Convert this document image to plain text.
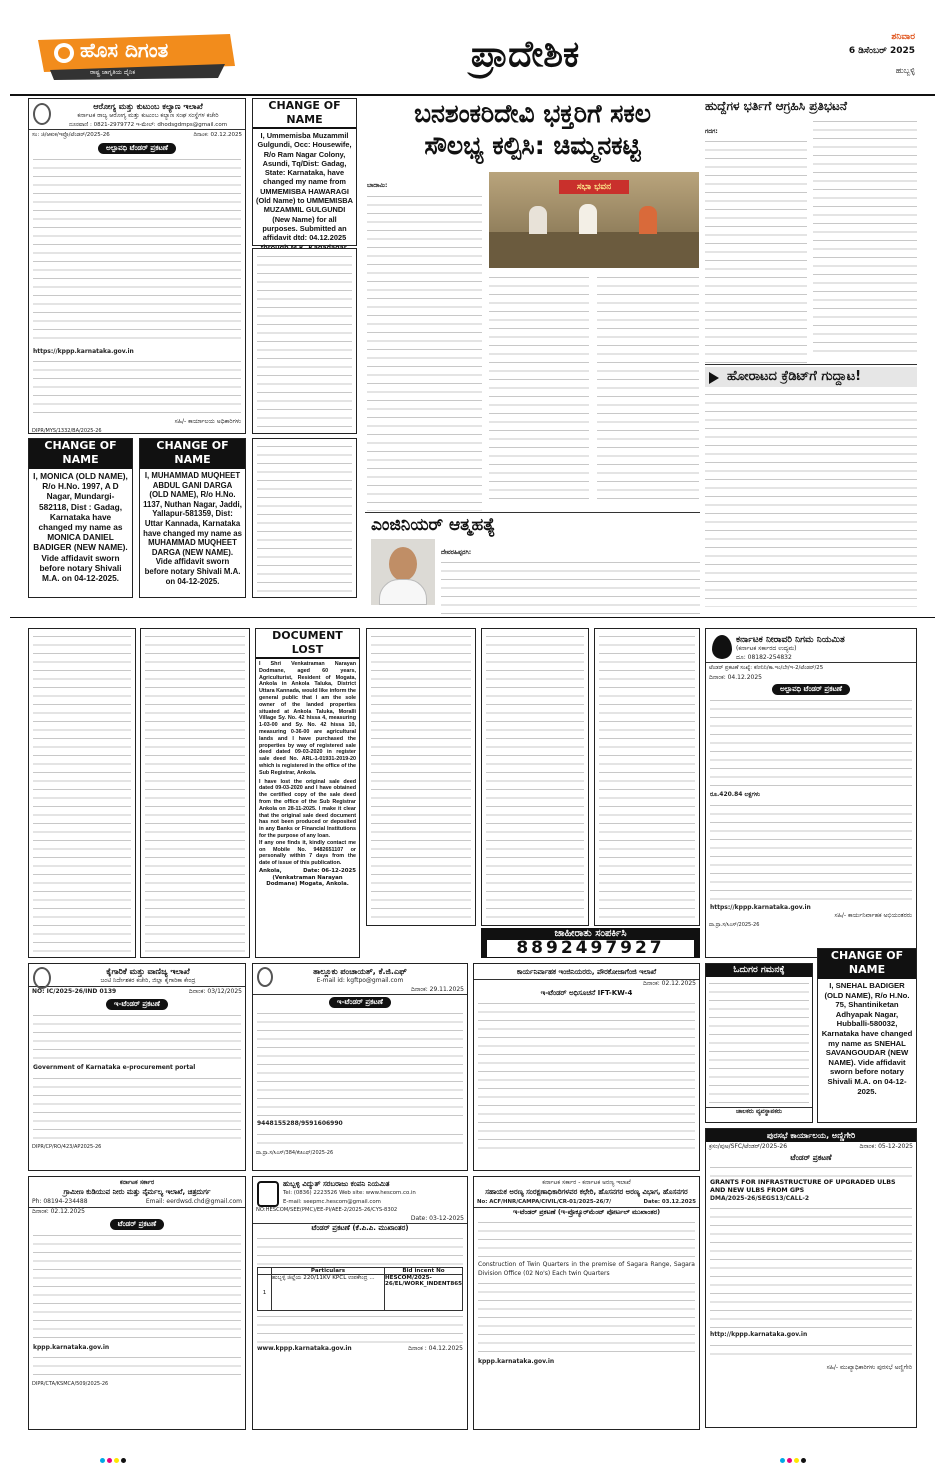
ಹೊಸ ದಿಗಂತ
ರಾಷ್ಟ್ರ ಜಾಗೃತಿಯ ದೈನಿಕ	ಪ್ರಾದೇಶಿಕ	ಶನಿವಾರ
6 ಡಿಸೆಂಬರ್ 2025
ಹುಬ್ಬಳ್ಳಿ
ಆರೋಗ್ಯ ಮತ್ತು ಕುಟುಂಬ ಕಲ್ಯಾಣ ಇಲಾಖೆ
ಕರ್ನಾಟಕ ರಾಜ್ಯ ಆರೋಗ್ಯ ಮತ್ತು ಕುಟುಂಬ ಕಲ್ಯಾಣ ಸಂಘ ಸಂಸ್ಥೆಗಳ ಕಚೇರಿ
ದೂರವಾಣಿ : 0821-2979772 ಇ-ಮೇಲ್: dhodsgdmps@gmail.com
ಸಂ: ಜಿ/ಆಕುಕ/ಇಪ್ರೊ/ಟೆಂಡರ್/2025-26	ದಿನಾಂಕ: 02.12.2025
ಅಲ್ಪಾವಧಿ ಟೆಂಡರ್ ಪ್ರಕಟಣೆ
https://kppp.karnataka.gov.in
ಸಹಿ/- ಕಾರ್ಯಾಲಯ ಅಧಿಕಾರಿಗಳು
DIPR/MYS/1332/BA/2025-26
CHANGE OF NAME
I, Ummemisba Muzammil Gulgundi, Occ: Housewife, R/o Ram Nagar Colony, Asundi, Tq/Dist: Gadag, State: Karnataka, have changed my name from UMMEMISBA HAWARAGI (Old Name) to UMMEMISBA MUZAMMIL GULGUNDI (New Name) for all purposes. Submitted an affidavit dtd: 04.12.2025
CHANGE OF NAME
I, MONICA (OLD NAME), R/o H.No. 1997, A D Nagar, Mundargi-582118, Dist : Gadag, Karnataka have changed my name as MONICA DANIEL BADIGER (NEW NAME). Vide affidavit sworn before notary Shivali M.A. on 04-12-2025.
CHANGE OF NAME
I, MUHAMMAD MUQHEET ABDUL GANI DARGA (OLD NAME), R/o H.No. 1137, Nuthan Nagar, Jaddi, Yallapur-581359, Dist: Uttar Kannada, Karnataka have changed my name as MUHAMMAD MUQHEET DARGA (NEW NAME). Vide affidavit sworn before notary Shivali M.A. on 04-12-2025.
ಬನಶಂಕರಿದೇವಿ ಭಕ್ತರಿಗೆ ಸಕಲ
ಸೌಲಭ್ಯ ಕಲ್ಪಿಸಿ: ಚಿಮ್ಮನಕಟ್ಟಿ
ಬಾದಾಮಿ:	ಸಭಾ ಭವನ
ಎಂಜಿನಿಯರ್ ಆತ್ಮಹತ್ಯೆ
ದೇವರಹಿಪ್ಪರಗಿ:
ಹುದ್ದೆಗಳ ಭರ್ತಿಗೆ ಆಗ್ರಹಿಸಿ ಪ್ರತಿಭಟನೆ
ಗದಗ:
ಹೋರಾಟದ ಕ್ರೆಡಿಟ್‌ಗೆ ಗುದ್ದಾಟ!
DOCUMENT LOST
I Shri Venkatraman Narayan Dodmane, aged 60 years, Agriculturist, Resident of Mogata, Ankola in Ankola Taluka, District Uttara Kannada, would like inform the general public that I am the sole owner of the landed properties situated at Ankola Taluka, Moralli Village Sy. No. 42 hissa 4, measuring 1-03-00 and Sy. No. 42 hissa 10, measuring 0-36-00 are agricultural lands and I have purchased the properties by way of registered sale deed dated 09-03-2020 in register sale deed No. ARL-1-01931-2019-20 which is registered in the office of the Sub Registrar, Ankola.
I have lost the original sale deed dated 09-03-2020 and I have obtained the certified copy of the sale deed from the office of the Sub Registrar Ankola on 28-11-2025. I make it clear that the original sale deed document has not been produced or deposited in any Banks or Financial Institutions for the purpose of any loan.
If any one finds it, kindly contact me on Mobile No. 9482651107 or personally within 7 days from the date of issue of this publication.
Ankola,	Date: 06-12-2025
(Venkatraman Narayan Dodmane) Mogata, Ankola.
ಜಾಹೀರಾತು ಸಂಪರ್ಕಿಸಿ
8892497927
ಕರ್ನಾಟಕ ನೀರಾವರಿ ನಿಗಮ ನಿಯಮಿತ
(ಕರ್ನಾಟಕ ಸರ್ಕಾರದ ಉದ್ಯಮ)
ದೂ: 08182-254832
ಟೆಂಡರ್ ಪ್ರಕಟಣೆ ಸಂಖ್ಯೆ: ಕನೀನಿನಿ/ಕಾ.ಇಂ/ಬೇ/ಇ-2/ಟೆಂಡರ್/25
ದಿನಾಂಕ: 04.12.2025
ಅಲ್ಪಾವಧಿ ಟೆಂಡರ್ ಪ್ರಕಟಣೆ
ರೂ.420.84 ಲಕ್ಷಗಳು
https://kppp.karnataka.gov.in
ಸಹಿ/- ಕಾರ್ಯನಿರ್ವಾಹಕ ಅಭಿಯಂತರರು
ವಾ.ಪ್ರಾ.ಸ/ಸಿಎಸ್/2025-26
ಕೈಗಾರಿಕೆ ಮತ್ತು ವಾಣಿಜ್ಯ ಇಲಾಖೆ
ಜಂಟಿ ನಿರ್ದೇಶಕರ ಕಚೇರಿ, ಜಿಲ್ಲಾ ಕೈಗಾರಿಕಾ ಕೇಂದ್ರ
NO: IC/2025-26/IND 0139	ದಿನಾಂಕ: 03/12/2025
ಇ-ಟೆಂಡರ್ ಪ್ರಕಟಣೆ
Government of Karnataka e-procurement portal
DIPR/CP/RO/423/AP2025-26
ತಾಲ್ಲೂಕು ಪಂಚಾಯತ್, ಕೆ.ಜಿ.ಎಫ್
E-mail id: kgftpo@gmail.com
ದಿನಾಂಕ: 29.11.2025
ಇ-ಟೆಂಡರ್ ಪ್ರಕಟಣೆ
9448155288/9591606990
ವಾ.ಪ್ರಾ.ಸ/ಸಿಎಸ್/384/ಕೆಜಿಎಫ್/2025-26
ಕಾರ್ಯನಿರ್ವಾಹಕ ಇಂಜಿನಿಯರರು, ಪೌರಕೋಜಾಗೆಂಜಿ ಇಲಾಖೆ
ದಿನಾಂಕ: 02.12.2025
ಇ-ಟೆಂಡರ್ ಅಧಿಸೂಚನೆ IFT-KW-4
ಓದುಗರ ಗಮನಕ್ಕೆ
ಚಾಲಕರು ವ್ಯವಸ್ಥಾಪಕರು
CHANGE OF NAME
I, SNEHAL BADIGER (OLD NAME), R/o H.No. 75, Shantiniketan Adhyapak Nagar, Hubballi-580032, Karnataka have changed my name as SNEHAL SAVANGOUDAR (NEW NAME). Vide affidavit sworn before notary Shivali M.A. on 04-12-2025.
ಪುರಸಭೆ ಕಾರ್ಯಾಲಯ, ಅಣ್ಣಿಗೇರಿ
ಕ್ರಸಂ/ಪುಅ/SFC/ಟೆಂಡರ್/2025-26	ದಿನಾಂಕ: 05-12-2025
ಟೆಂಡರ್ ಪ್ರಕಟಣೆ
GRANTS FOR INFRASTRUCTURE OF UPGRADED ULBS AND NEW ULBS FROM GPS
DMA/2025-26/SEGS13/CALL-2
http://kppp.karnataka.gov.in
ಸಹಿ/- ಮುಖ್ಯಾಧಿಕಾರಿಗಳು ಪುರಸಭೆ ಅಣ್ಣಿಗೇರಿ
ಕರ್ನಾಟಕ ಸರ್ಕಾರ
ಗ್ರಾಮೀಣ ಕುಡಿಯುವ ನೀರು ಮತ್ತು ನೈರ್ಮಲ್ಯ ಇಲಾಖೆ, ಚಿತ್ರದುರ್ಗ
Ph: 08194-234488	Email: eerdwsd.chd@gmail.com
ದಿನಾಂಕ: 02.12.2025
ಟೆಂಡರ್ ಪ್ರಕಟಣೆ
kppp.karnataka.gov.in
DIPR/CTA/KSMCA/509/2025-26
ಹುಬ್ಬಳ್ಳಿ ವಿದ್ಯುತ್ ಸರಬರಾಜು ಕಂಪನಿ ನಿಯಮಿತ
Tel: (0836) 2223526 Web site: www.hescom.co.in
E-mail: seepmc.hescom@gmail.com
NO:HESCOM/SEE(PMC)/EE-PI/AEE-2/2025-26/CYS-8302
Date: 03-12-2025
ಟೆಂಡರ್ ಪ್ರಕಟಣೆ (ಕೆ.ಪಿ.ಪಿ. ಮುಖಾಂತರ)
	Particulars	Bid incent No
1	ಹುಬ್ಬಳ್ಳಿ ಜಿಲ್ಲೆಯ 220/11KV KPCL ಉಪಕೇಂದ್ರ ...	HESCOM/2025-26/EL/WORK_INDENT865
www.kppp.karnataka.gov.in	ದಿನಾಂಕ : 04.12.2025
ಕರ್ನಾಟಕ ಸರ್ಕಾರ - ಕರ್ನಾಟಕ ಅರಣ್ಯ ಇಲಾಖೆ
ಸಹಾಯಕ ಅರಣ್ಯ ಸಂರಕ್ಷಣಾಧಿಕಾರಿಗಳವರ ಕಛೇರಿ, ಹೊಸನಗರ ಅರಣ್ಯ ವಿಭಾಗ, ಹೊಸನಗರ
No: ACF/HNR/CAMPA/CIVIL/CR-01/2025-26/7/	Date: 03.12.2025
ಇ-ಟೆಂಡರ್ ಪ್ರಕಟಣೆ (ಇ-ಪ್ರೊಕ್ಯೂರ್‌ಮೆಂಟ್ ಪೋರ್ಟಲ್ ಮುಖಾಂತರ)
Construction of Twin Quarters in the premise of Sagara Range, Sagara Division Office (02 No's) Each twin Quarters
kppp.karnataka.gov.in
